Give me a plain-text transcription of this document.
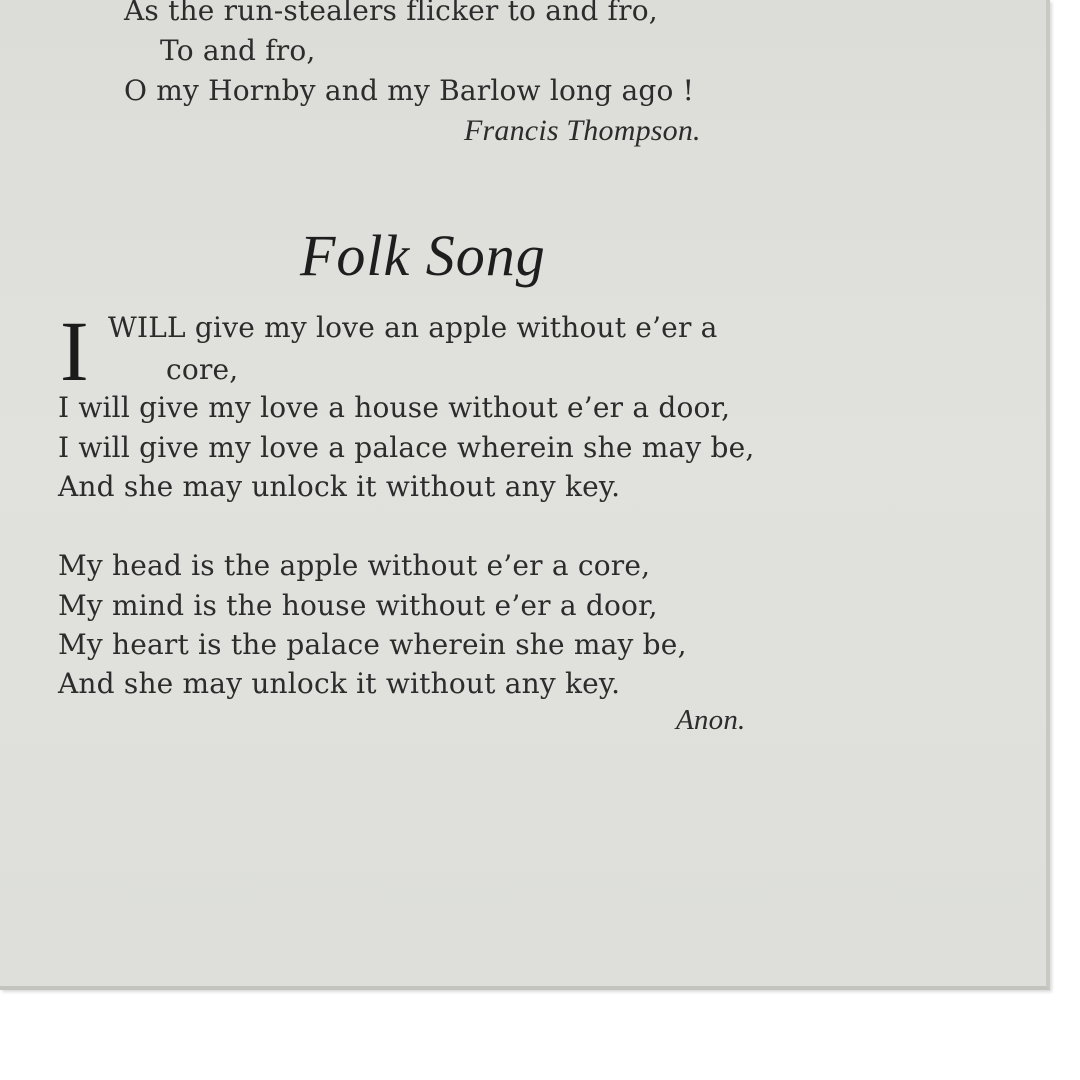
As the run-stealers flicker to and fro,
To and fro,
O my Hornby and my Barlow long ago !
Francis Thompson.
Folk Song
I WILL give my love an apple without e’er a
core,
I will give my love a house without e’er a door,
I will give my love a palace wherein she may be,
And she may unlock it without any key.
My head is the apple without e’er a core,
My mind is the house without e’er a door,
My heart is the palace wherein she may be,
And she may unlock it without any key.
Anon.
